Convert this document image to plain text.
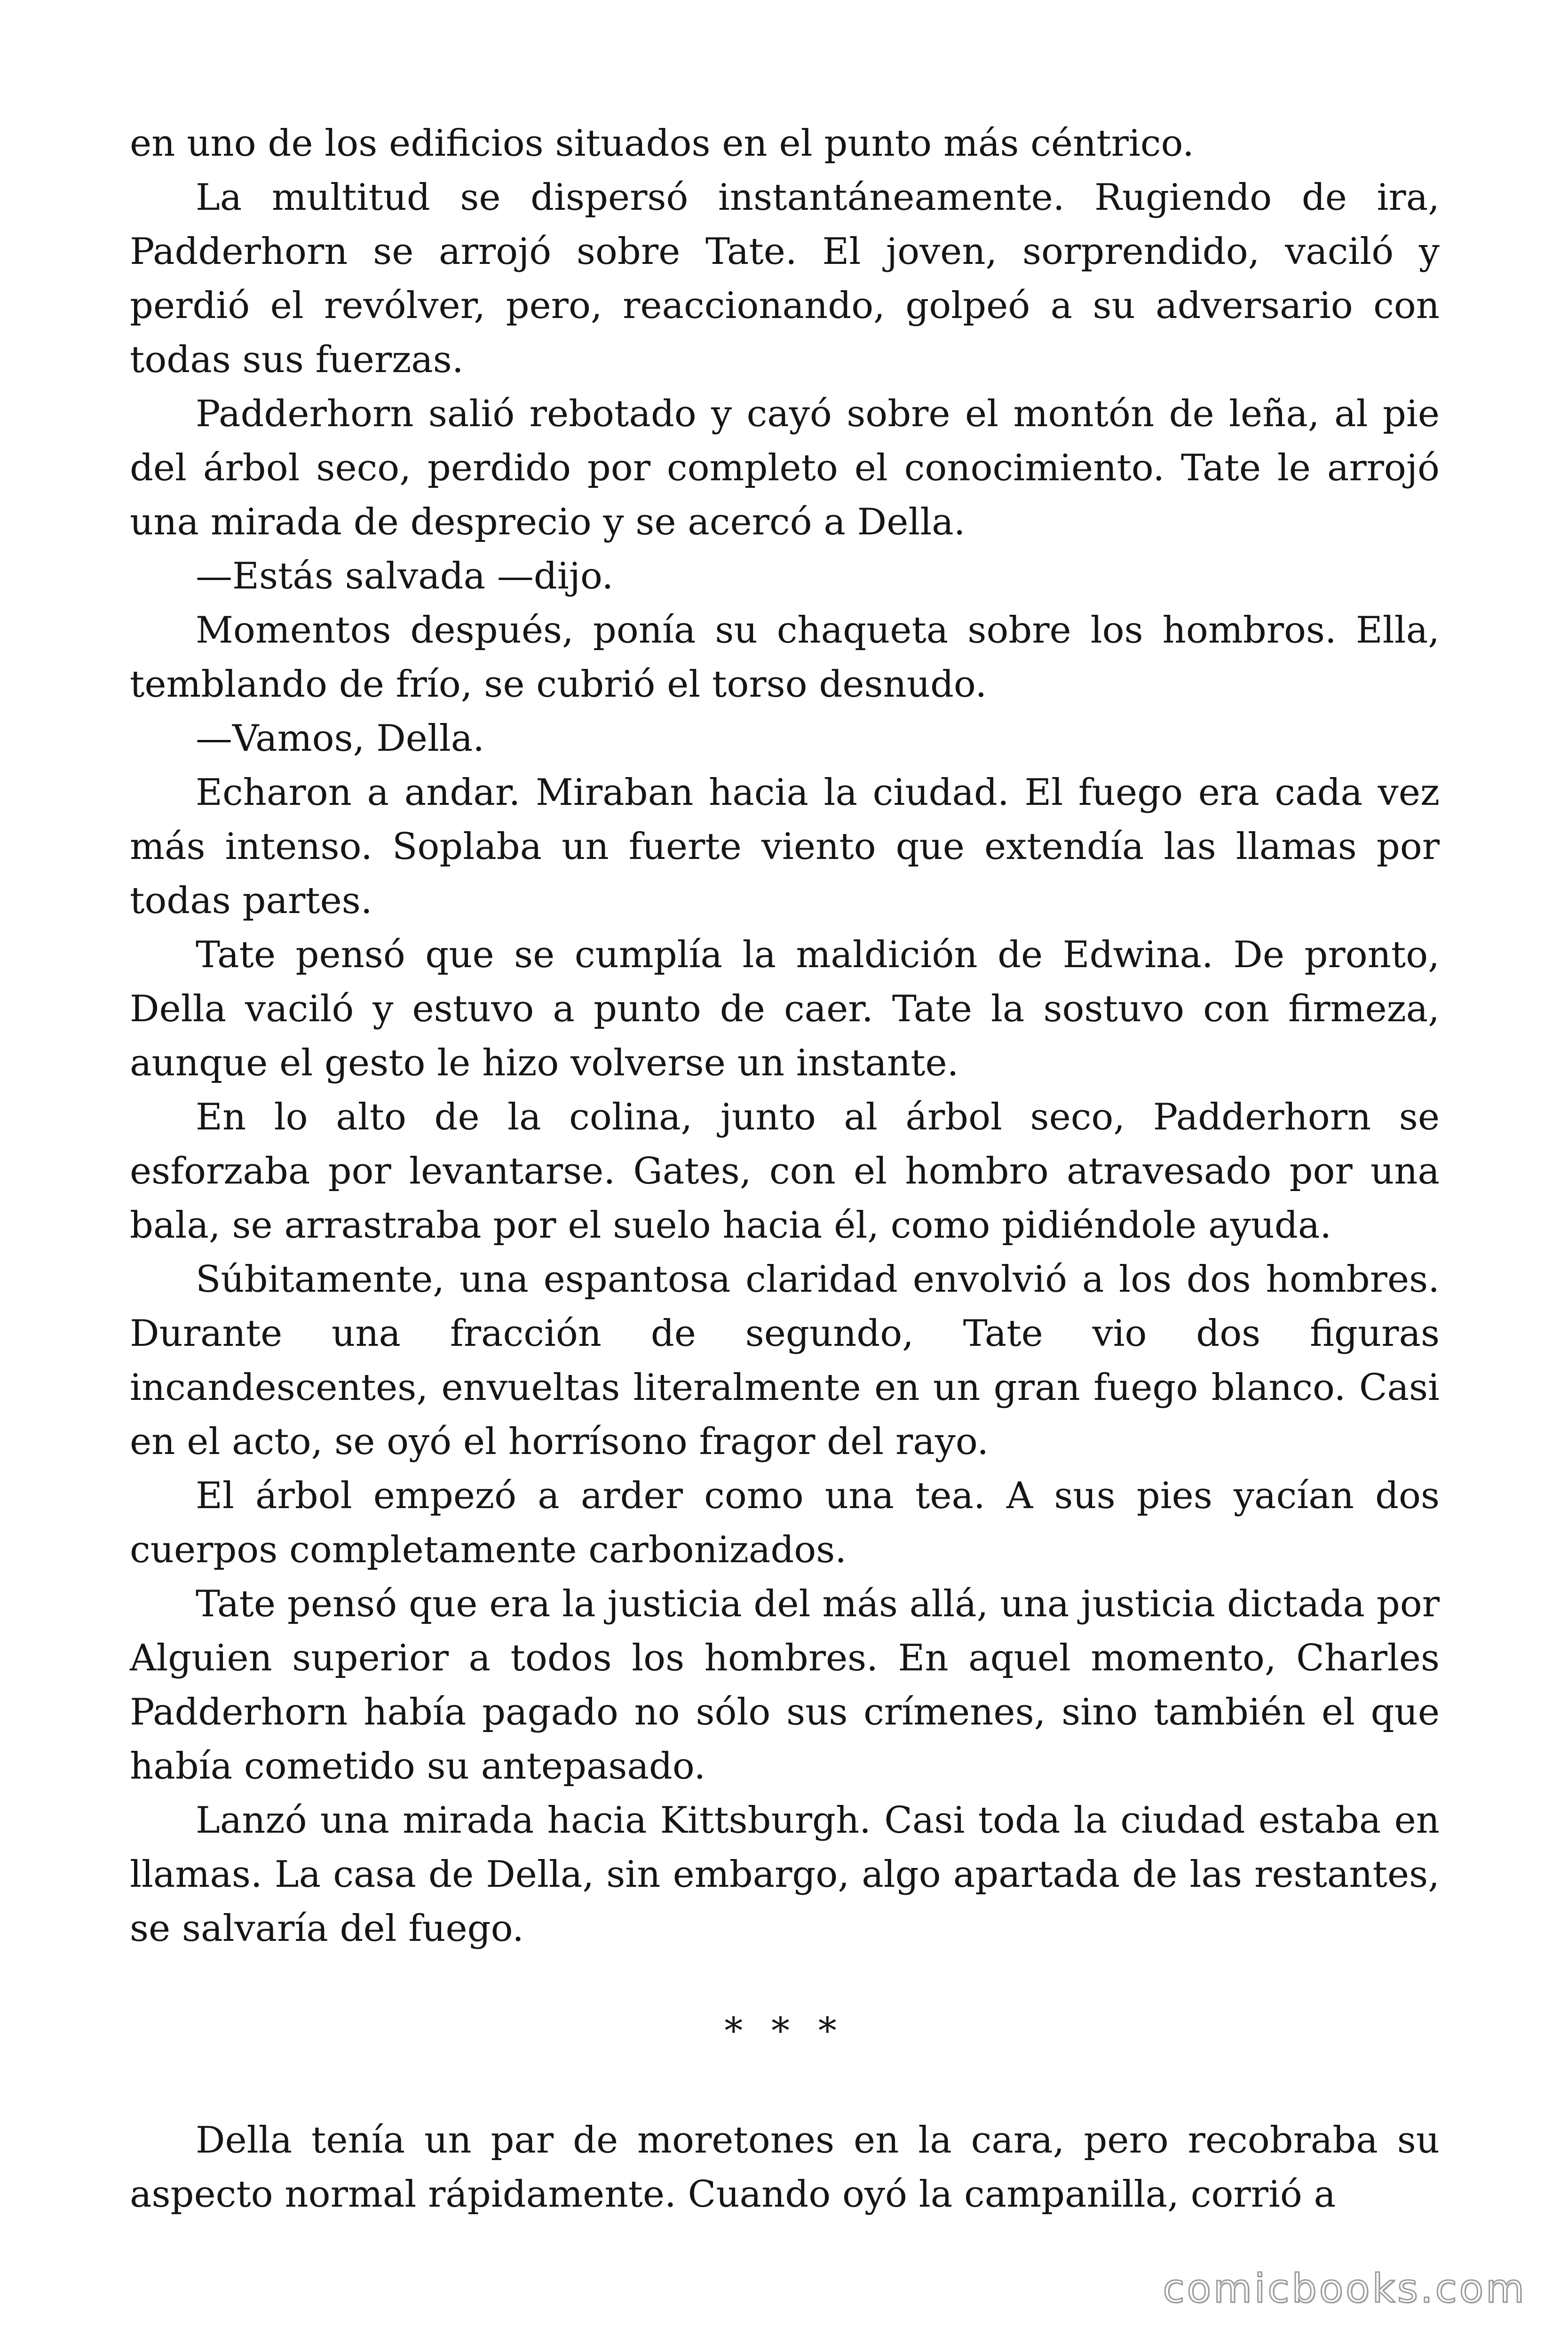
en uno de los edificios situados en el punto más céntrico.

La multitud se dispersó instantáneamente. Rugiendo de ira, Padderhorn se arrojó sobre Tate. El joven, sorprendido, vaciló y perdió el revólver, pero, reaccionando, golpeó a su adversario con todas sus fuerzas.

Padderhorn salió rebotado y cayó sobre el montón de leña, al pie del árbol seco, perdido por completo el conocimiento. Tate le arrojó una mirada de desprecio y se acercó a Della.

—Estás salvada —dijo.

Momentos después, ponía su chaqueta sobre los hombros. Ella, temblando de frío, se cubrió el torso desnudo.

—Vamos, Della.

Echaron a andar. Miraban hacia la ciudad. El fuego era cada vez más intenso. Soplaba un fuerte viento que extendía las llamas por todas partes.

Tate pensó que se cumplía la maldición de Edwina. De pronto, Della vaciló y estuvo a punto de caer. Tate la sostuvo con firmeza, aunque el gesto le hizo volverse un instante.

En lo alto de la colina, junto al árbol seco, Padderhorn se esforzaba por levantarse. Gates, con el hombro atravesado por una bala, se arrastraba por el suelo hacia él, como pidiéndole ayuda.

Súbitamente, una espantosa claridad envolvió a los dos hombres. Durante una fracción de segundo, Tate vio dos figuras incandescentes, envueltas literalmente en un gran fuego blanco. Casi en el acto, se oyó el horrísono fragor del rayo.

El árbol empezó a arder como una tea. A sus pies yacían dos cuerpos completamente carbonizados.

Tate pensó que era la justicia del más allá, una justicia dictada por Alguien superior a todos los hombres. En aquel momento, Charles Padderhorn había pagado no sólo sus crímenes, sino también el que había cometido su antepasado.

Lanzó una mirada hacia Kittsburgh. Casi toda la ciudad estaba en llamas. La casa de Della, sin embargo, algo apartada de las restantes, se salvaría del fuego.

* * *

Della tenía un par de moretones en la cara, pero recobraba su aspecto normal rápidamente. Cuando oyó la campanilla, corrió a

comicbooks.com
